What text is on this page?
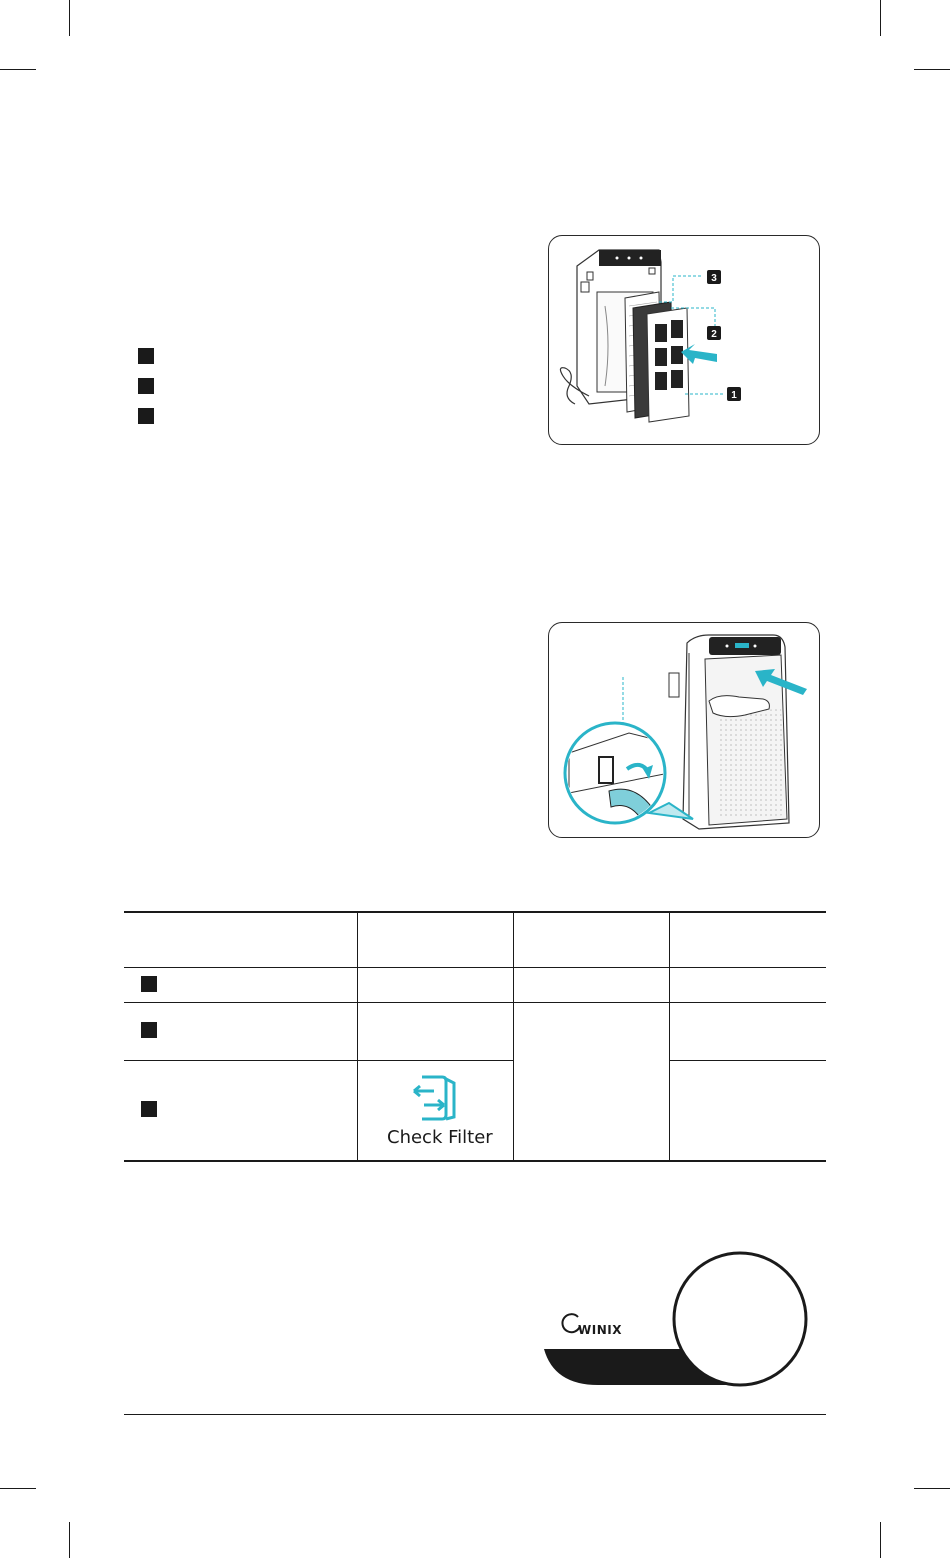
3
2
1
Check Filter
WINIX
